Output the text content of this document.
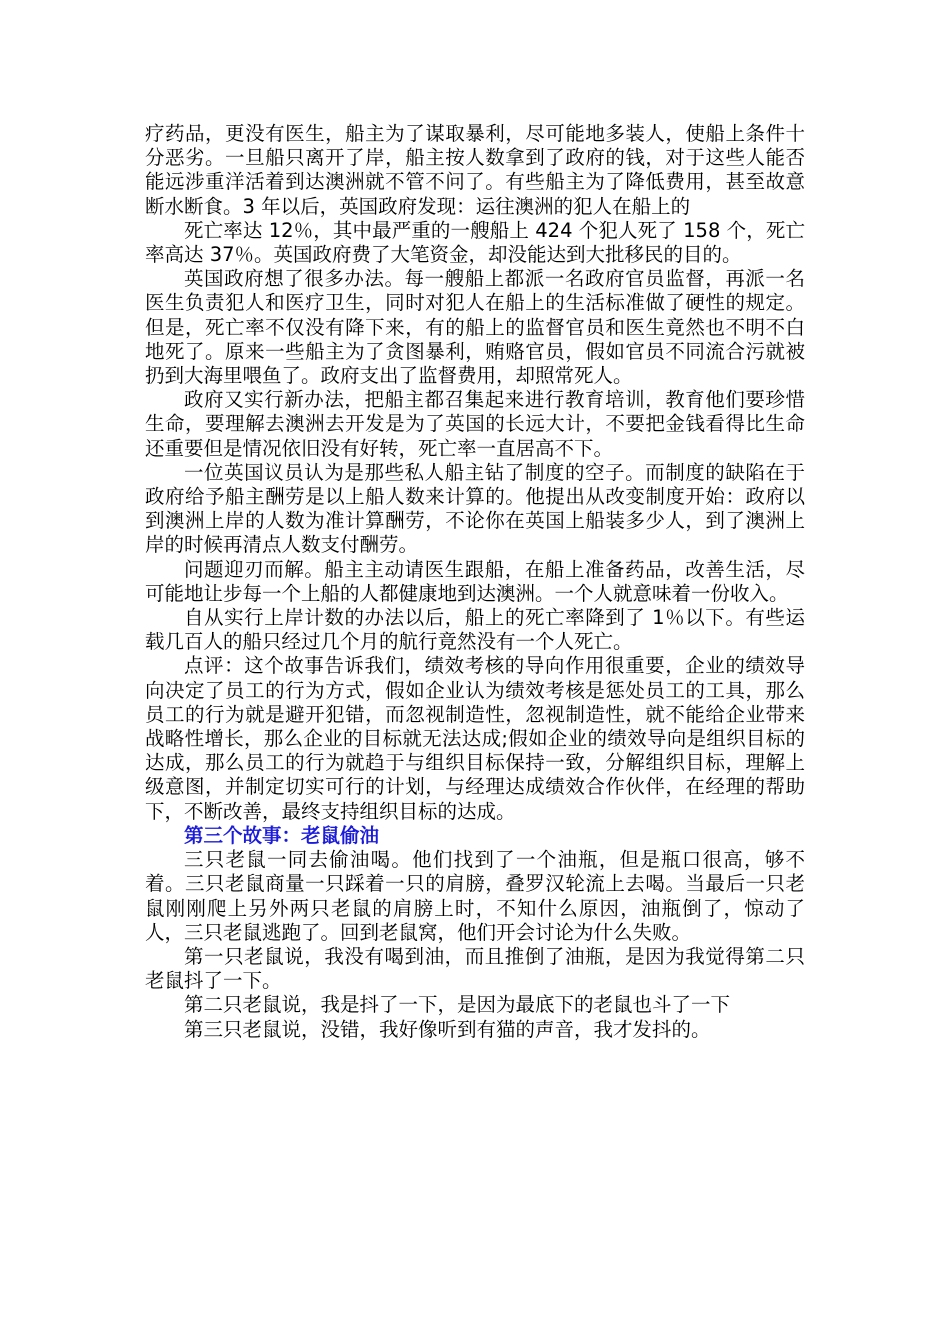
疗药品，更没有医生，船主为了谋取暴利，尽可能地多装人，使船上条件十分恶劣。一旦船只离开了岸，船主按人数拿到了政府的钱，对于这些人能否能远涉重洋活着到达澳洲就不管不问了。有些船主为了降低费用，甚至故意断水断食。3 年以后，英国政府发现：运往澳洲的犯人在船上的

死亡率达 12％，其中最严重的一艘船上 424 个犯人死了 158 个，死亡率高达 37％。英国政府费了大笔资金，却没能达到大批移民的目的。

英国政府想了很多办法。每一艘船上都派一名政府官员监督，再派一名医生负责犯人和医疗卫生，同时对犯人在船上的生活标准做了硬性的规定。但是，死亡率不仅没有降下来，有的船上的监督官员和医生竟然也不明不白地死了。原来一些船主为了贪图暴利，贿赂官员，假如官员不同流合污就被扔到大海里喂鱼了。政府支出了监督费用，却照常死人。

政府又实行新办法，把船主都召集起来进行教育培训，教育他们要珍惜生命，要理解去澳洲去开发是为了英国的长远大计，不要把金钱看得比生命还重要但是情况依旧没有好转，死亡率一直居高不下。

一位英国议员认为是那些私人船主钻了制度的空子。而制度的缺陷在于政府给予船主酬劳是以上船人数来计算的。他提出从改变制度开始：政府以到澳洲上岸的人数为准计算酬劳，不论你在英国上船装多少人，到了澳洲上岸的时候再清点人数支付酬劳。

问题迎刃而解。船主主动请医生跟船，在船上准备药品，改善生活，尽可能地让步每一个上船的人都健康地到达澳洲。一个人就意味着一份收入。

自从实行上岸计数的办法以后，船上的死亡率降到了 1％以下。有些运载几百人的船只经过几个月的航行竟然没有一个人死亡。

点评：这个故事告诉我们，绩效考核的导向作用很重要，企业的绩效导向决定了员工的行为方式，假如企业认为绩效考核是惩处员工的工具，那么员工的行为就是避开犯错，而忽视制造性，忽视制造性，就不能给企业带来战略性增长，那么企业的目标就无法达成;假如企业的绩效导向是组织目标的达成，那么员工的行为就趋于与组织目标保持一致，分解组织目标，理解上级意图，并制定切实可行的计划，与经理达成绩效合作伙伴，在经理的帮助下，不断改善，最终支持组织目标的达成。

第三个故事：老鼠偷油

三只老鼠一同去偷油喝。他们找到了一个油瓶，但是瓶口很高，够不着。三只老鼠商量一只踩着一只的肩膀，叠罗汉轮流上去喝。当最后一只老鼠刚刚爬上另外两只老鼠的肩膀上时，不知什么原因，油瓶倒了，惊动了人，三只老鼠逃跑了。回到老鼠窝，他们开会讨论为什么失败。

第一只老鼠说，我没有喝到油，而且推倒了油瓶，是因为我觉得第二只老鼠抖了一下。

第二只老鼠说，我是抖了一下，是因为最底下的老鼠也斗了一下

第三只老鼠说，没错，我好像听到有猫的声音，我才发抖的。
